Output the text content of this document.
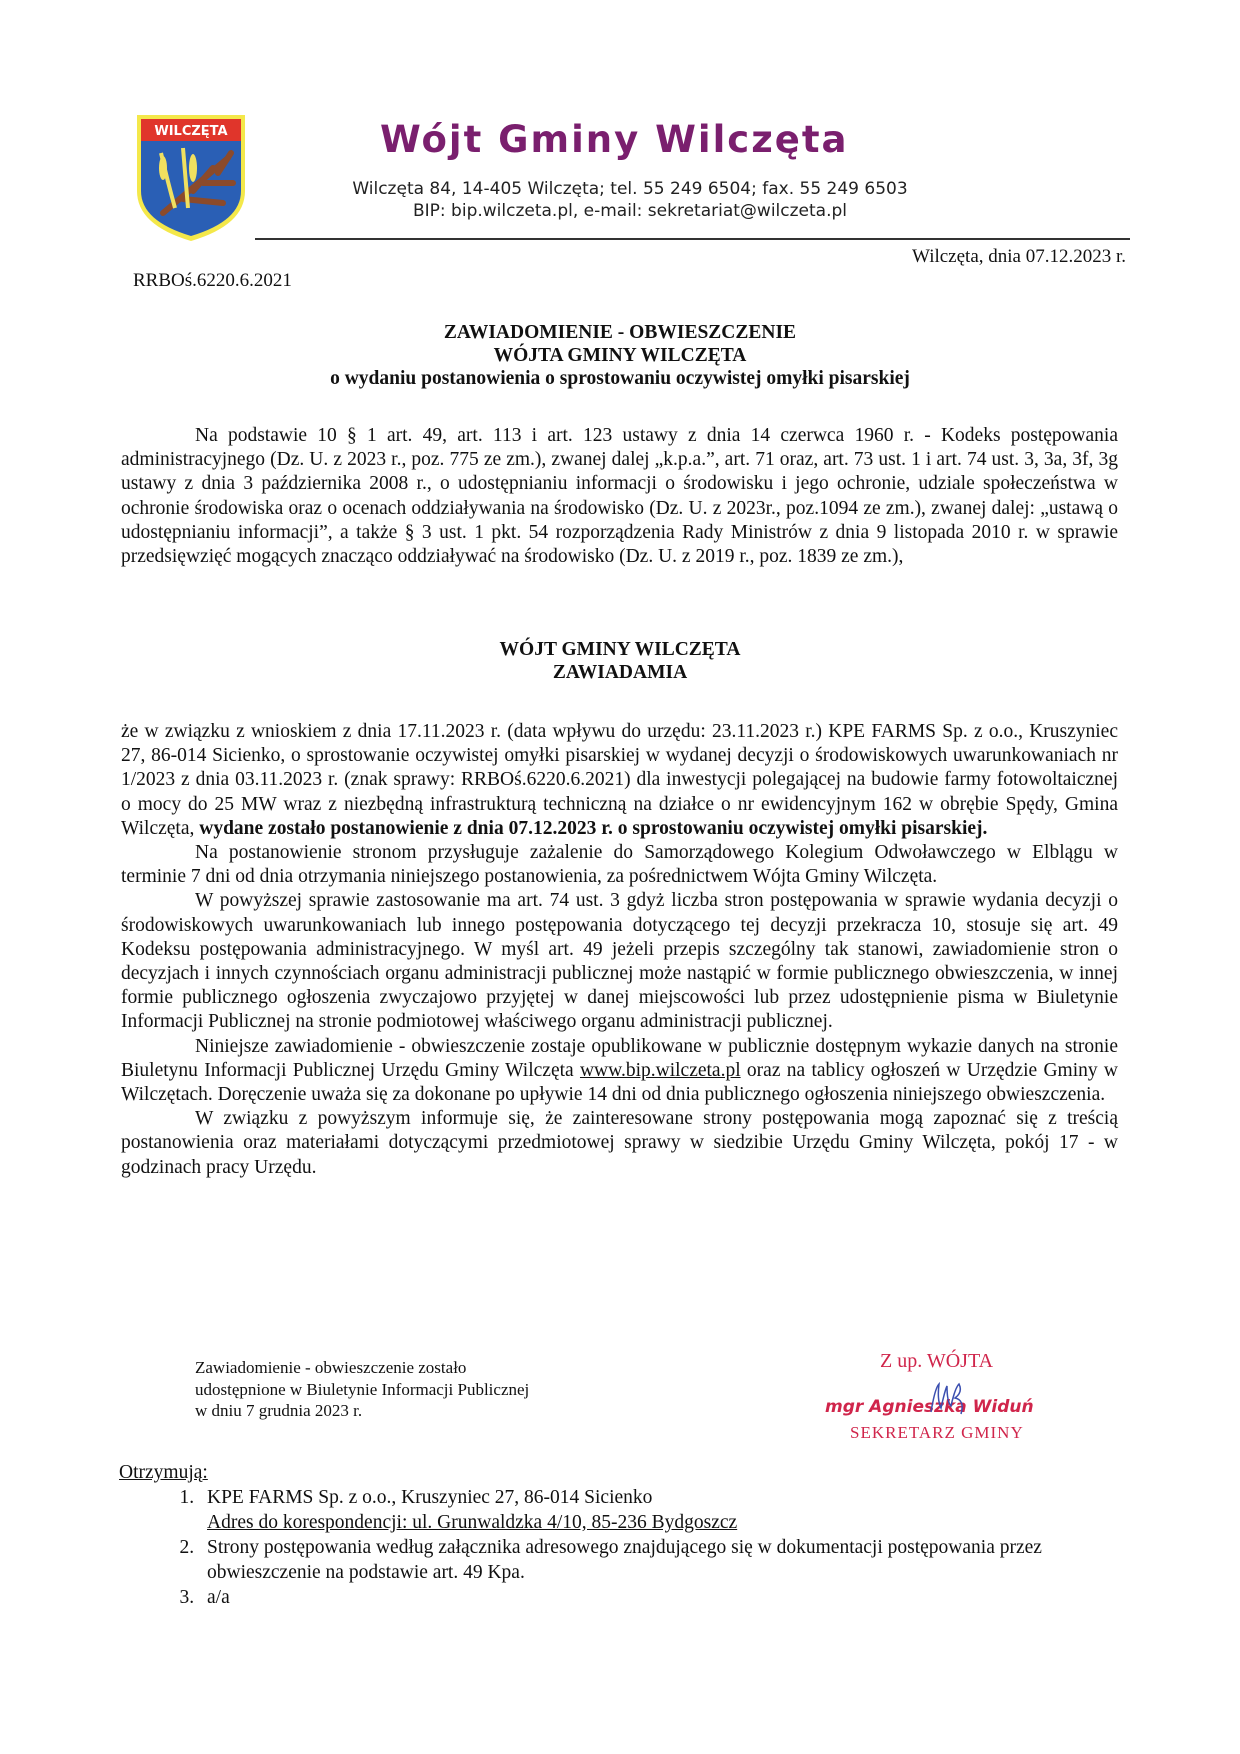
WILCZĘTA	Wójt Gminy Wilczęta
Wilczęta 84, 14-405 Wilczęta; tel. 55 249 6504; fax. 55 249 6503
BIP: bip.wilczeta.pl, e-mail: sekretariat@wilczeta.pl
Wilczęta, dnia 07.12.2023 r.
RRBOś.6220.6.2021
ZAWIADOMIENIE - OBWIESZCZENIE
WÓJTA GMINY WILCZĘTA
o wydaniu postanowienia o sprostowaniu oczywistej omyłki pisarskiej

Na podstawie 10 § 1 art. 49, art. 113 i art. 123 ustawy z dnia 14 czerwca 1960 r. - Kodeks postępowania administracyjnego (Dz. U. z 2023 r., poz. 775 ze zm.), zwanej dalej „k.p.a.”, art. 71 oraz, art. 73 ust. 1 i art. 74 ust. 3, 3a, 3f, 3g ustawy z dnia 3 października 2008 r., o udostępnianiu informacji o środowisku i jego ochronie, udziale społeczeństwa w ochronie środowiska oraz o ocenach oddziaływania na środowisko (Dz. U. z 2023r., poz.1094 ze zm.), zwanej dalej: „ustawą o udostępnianiu informacji”, a także § 3 ust. 1 pkt. 54 rozporządzenia Rady Ministrów z dnia 9 listopada 2010 r. w sprawie przedsięwzięć mogących znacząco oddziaływać na środowisko (Dz. U. z 2019 r., poz. 1839 ze zm.),

WÓJT GMINY WILCZĘTA
ZAWIADAMIA

że w związku z wnioskiem z dnia 17.11.2023 r. (data wpływu do urzędu: 23.11.2023 r.) KPE FARMS Sp. z o.o., Kruszyniec 27, 86-014 Sicienko, o sprostowanie oczywistej omyłki pisarskiej w wydanej decyzji o środowiskowych uwarunkowaniach nr 1/2023 z dnia 03.11.2023 r. (znak sprawy: RRBOś.6220.6.2021) dla inwestycji polegającej na budowie farmy fotowoltaicznej o mocy do 25 MW wraz z niezbędną infrastrukturą techniczną na działce o nr ewidencyjnym 162 w obrębie Spędy, Gmina Wilczęta, wydane zostało postanowienie z dnia 07.12.2023 r. o sprostowaniu oczywistej omyłki pisarskiej.

Na postanowienie stronom przysługuje zażalenie do Samorządowego Kolegium Odwoławczego w Elblągu w terminie 7 dni od dnia otrzymania niniejszego postanowienia, za pośrednictwem Wójta Gminy Wilczęta.

W powyższej sprawie zastosowanie ma art. 74 ust. 3 gdyż liczba stron postępowania w sprawie wydania decyzji o środowiskowych uwarunkowaniach lub innego postępowania dotyczącego tej decyzji przekracza 10, stosuje się art. 49 Kodeksu postępowania administracyjnego. W myśl art. 49 jeżeli przepis szczególny tak stanowi, zawiadomienie stron o decyzjach i innych czynnościach organu administracji publicznej może nastąpić w formie publicznego obwieszczenia, w innej formie publicznego ogłoszenia zwyczajowo przyjętej w danej miejscowości lub przez udostępnienie pisma w Biuletynie Informacji Publicznej na stronie podmiotowej właściwego organu administracji publicznej.

Niniejsze zawiadomienie - obwieszczenie zostaje opublikowane w publicznie dostępnym wykazie danych na stronie Biuletynu Informacji Publicznej Urzędu Gminy Wilczęta www.bip.wilczeta.pl oraz na tablicy ogłoszeń w Urzędzie Gminy w Wilczętach. Doręczenie uważa się za dokonane po upływie 14 dni od dnia publicznego ogłoszenia niniejszego obwieszczenia.

W związku z powyższym informuje się, że zainteresowane strony postępowania mogą zapoznać się z treścią postanowienia oraz materiałami dotyczącymi przedmiotowej sprawy w siedzibie Urzędu Gminy Wilczęta, pokój 17 - w godzinach pracy Urzędu.

Zawiadomienie - obwieszczenie zostało
udostępnione w Biuletynie Informacji Publicznej
w dniu 7 grudnia 2023 r.
Z up. WÓJTA
mgr Agnieszka Widuń
SEKRETARZ GMINY
Otrzymują:
1. KPE FARMS Sp. z o.o., Kruszyniec 27, 86-014 Sicienko
Adres do korespondencji: ul. Grunwaldzka 4/10, 85-236 Bydgoszcz
2. Strony postępowania według załącznika adresowego znajdującego się w dokumentacji postępowania przez obwieszczenie na podstawie art. 49 Kpa.
3. a/a
